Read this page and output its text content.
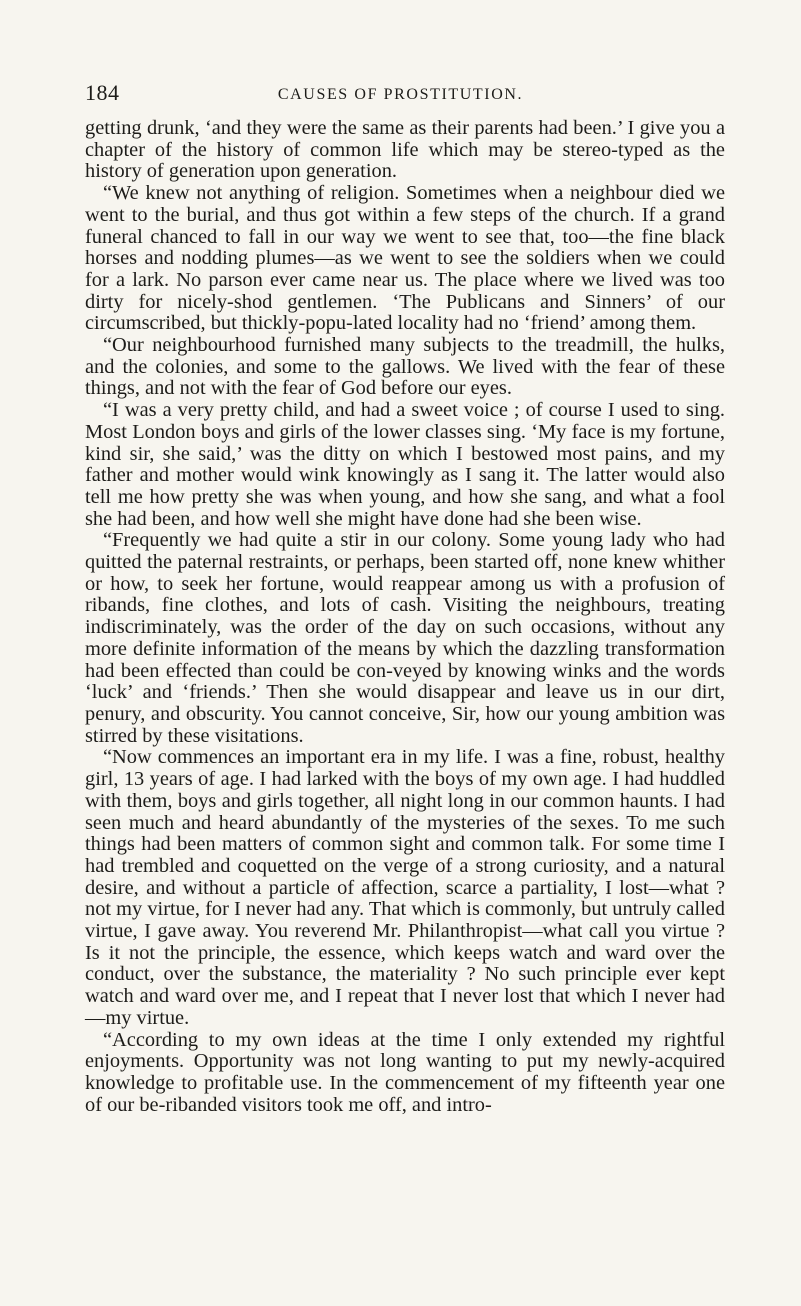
184	CAUSES OF PROSTITUTION.

getting drunk, ‘and they were the same as their parents had been.’ I give you a chapter of the history of common life which may be stereo-typed as the history of generation upon generation.

“We knew not anything of religion. Sometimes when a neighbour died we went to the burial, and thus got within a few steps of the church. If a grand funeral chanced to fall in our way we went to see that, too—the fine black horses and nodding plumes—as we went to see the soldiers when we could for a lark. No parson ever came near us. The place where we lived was too dirty for nicely-shod gentlemen. ‘The Publicans and Sinners’ of our circumscribed, but thickly-popu-lated locality had no ‘friend’ among them.

“Our neighbourhood furnished many subjects to the treadmill, the hulks, and the colonies, and some to the gallows. We lived with the fear of these things, and not with the fear of God before our eyes.

“I was a very pretty child, and had a sweet voice ; of course I used to sing. Most London boys and girls of the lower classes sing. ‘My face is my fortune, kind sir, she said,’ was the ditty on which I bestowed most pains, and my father and mother would wink knowingly as I sang it. The latter would also tell me how pretty she was when young, and how she sang, and what a fool she had been, and how well she might have done had she been wise.

“Frequently we had quite a stir in our colony. Some young lady who had quitted the paternal restraints, or perhaps, been started off, none knew whither or how, to seek her fortune, would reappear among us with a profusion of ribands, fine clothes, and lots of cash. Visiting the neighbours, treating indiscriminately, was the order of the day on such occasions, without any more definite information of the means by which the dazzling transformation had been effected than could be con-veyed by knowing winks and the words ‘luck’ and ‘friends.’ Then she would disappear and leave us in our dirt, penury, and obscurity. You cannot conceive, Sir, how our young ambition was stirred by these visitations.

“Now commences an important era in my life. I was a fine, robust, healthy girl, 13 years of age. I had larked with the boys of my own age. I had huddled with them, boys and girls together, all night long in our common haunts. I had seen much and heard abundantly of the mysteries of the sexes. To me such things had been matters of common sight and common talk. For some time I had trembled and coquetted on the verge of a strong curiosity, and a natural desire, and without a particle of affection, scarce a partiality, I lost—what ? not my virtue, for I never had any. That which is commonly, but untruly called virtue, I gave away. You reverend Mr. Philanthropist—what call you virtue ? Is it not the principle, the essence, which keeps watch and ward over the conduct, over the substance, the materiality ? No such principle ever kept watch and ward over me, and I repeat that I never lost that which I never had—my virtue.

“According to my own ideas at the time I only extended my rightful enjoyments. Opportunity was not long wanting to put my newly-acquired knowledge to profitable use. In the commencement of my fifteenth year one of our be-ribanded visitors took me off, and intro-
